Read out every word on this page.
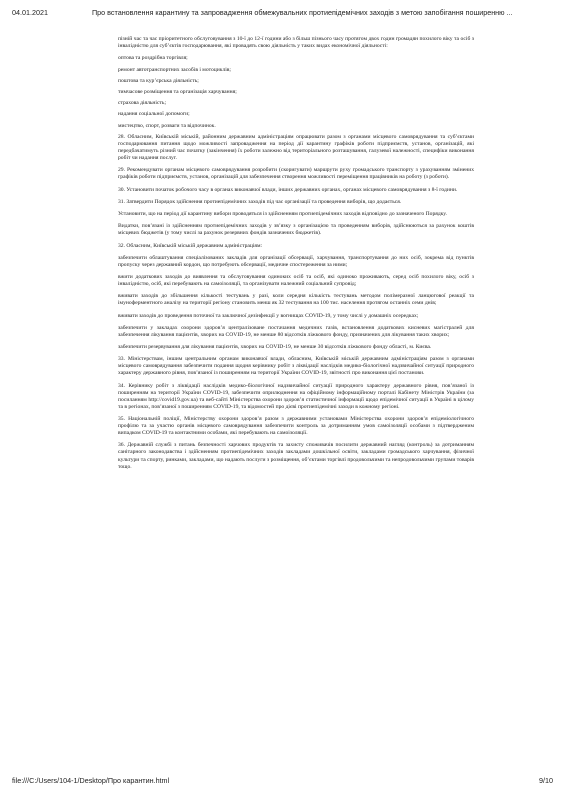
04.01.2021	Про встановлення карантину та запровадження обмежувальних протиепідемічних заходів з метою запобігання поширенню ...

пізній час та час пріоритетного обслуговування з 10-ї до 12-ї години або з більш пізнього часу протягом двох годин громадян похилого віку та осіб з інвалідністю для суб’єктів господарювання, які провадять свою діяльність у таких видах економічної діяльності:

оптова та роздрібна торгівля;

ремонт автотранспортних засобів і мотоциклів;

поштова та кур’єрська діяльність;

тимчасове розміщення та організація харчування;

страхова діяльність;

надання соціальної допомоги;

мистецтво, спорт, розваги та відпочинок.

28. Обласним, Київській міській, районним державним адміністраціям опрацювати разом з органами місцевого самоврядування та суб’єктами господарювання питання щодо можливості запровадження на період дії карантину графіків роботи підприємств, установ, організацій, які передбачатимуть різний час початку (закінчення) їх роботи залежно від територіального розташування, галузевої належності, специфіки виконання робіт чи надання послуг.

29. Рекомендувати органам місцевого самоврядування розробити (скоригувати) маршрути руху громадського транспорту з урахуванням змінених графіків роботи підприємств, установ, організацій для забезпечення створення можливості переміщення працівників на роботу (з роботи).

30. Установити початок робочого часу в органах виконавчої влади, інших державних органах, органах місцевого самоврядування з 8-ї години.

31. Затвердити Порядок здійснення протиепідемічних заходів під час організації та проведення виборів, що додається.

Установити, що на період дії карантину вибори проводяться із здійсненням протиепідемічних заходів відповідно до зазначеного Порядку.

Видатки, пов’язані із здійсненням протиепідемічних заходів у зв’язку з організацією та проведенням виборів, здійснюються за рахунок коштів місцевих бюджетів (у тому числі за рахунок резервних фондів зазначених бюджетів).

32. Обласним, Київській міській державним адміністраціям:

забезпечити облаштування спеціалізованих закладів для організації обсервації, харчування, транспортування до них осіб, зокрема від пунктів пропуску через державний кордон, що потребують обсервації, медичне спостереження за ними;

вжити додаткових заходів до виявлення та обслуговування одиноких осіб та осіб, які одиноко проживають, серед осіб похилого віку, осіб з інвалідністю, осіб, які перебувають на самоізоляції, та організувати належний соціальний супровід;

вживати заходів до збільшення кількості тестувань у разі, коли середня кількість тестувань методом полімеразної ланцюгової реакції та імуноферментного аналізу на території регіону становить менш як 32 тестування на 100 тис. населення протягом останніх семи днів;

вживати заходів до проведення поточної та заключної дезінфекції у вогнищах COVID-19, у тому числі у домашніх осередках;

забезпечити у закладах охорони здоров’я централізоване постачання медичних газів, встановлення додаткових кисневих магістралей для забезпечення лікування пацієнтів, хворих на COVID-19, не менше 80 відсотків ліжкового фонду, призначених для лікування таких хворих;

забезпечити резервування для лікування пацієнтів, хворих на COVID-19, не менше 30 відсотків ліжкового фонду області, м. Києва.

33. Міністерствам, іншим центральним органам виконавчої влади, обласним, Київській міській державним адміністраціям разом з органами місцевого самоврядування забезпечити подання щодня керівнику робіт з ліквідації наслідків медико-біологічної надзвичайної ситуації природного характеру державного рівня, пов’язаної із поширенням на території України COVID-19, звітності про виконання цієї постанови.

34. Керівнику робіт з ліквідації наслідків медико-біологічної надзвичайної ситуації природного характеру державного рівня, пов’язаної із поширенням на території України COVID-19, забезпечити оприлюднення на офіційному інформаційному порталі Кабінету Міністрів України (за посиланням http://covid19.gov.ua) та веб-сайті Міністерства охорони здоров’я статистичної інформації щодо епідемічної ситуації в Україні в цілому та в регіонах, пов’язаної з поширенням COVID-19, та відомостей про дієві протиепідемічні заходи в кожному регіоні.

35. Національній поліції, Міністерству охорони здоров’я разом з державними установами Міністерства охорони здоров’я епідеміологічного профілю та за участю органів місцевого самоврядування забезпечити контроль за дотриманням умов самоізоляції особами з підтвердженим випадком COVID-19 та контактними особами, які перебувають на самоізоляції.

36. Державній службі з питань безпечності харчових продуктів та захисту споживачів посилити державний нагляд (контроль) за дотриманням санітарного законодавства і здійсненням протиепідемічних заходів закладами дошкільної освіти, закладами громадського харчування, фізичної культури та спорту, ринками, закладами, що надають послуги з розміщення, об’єктами торгівлі продовольчими та непродовольчими групами товарів тощо.

file:///C:/Users/104-1/Desktop/Про карантин.html	9/10
